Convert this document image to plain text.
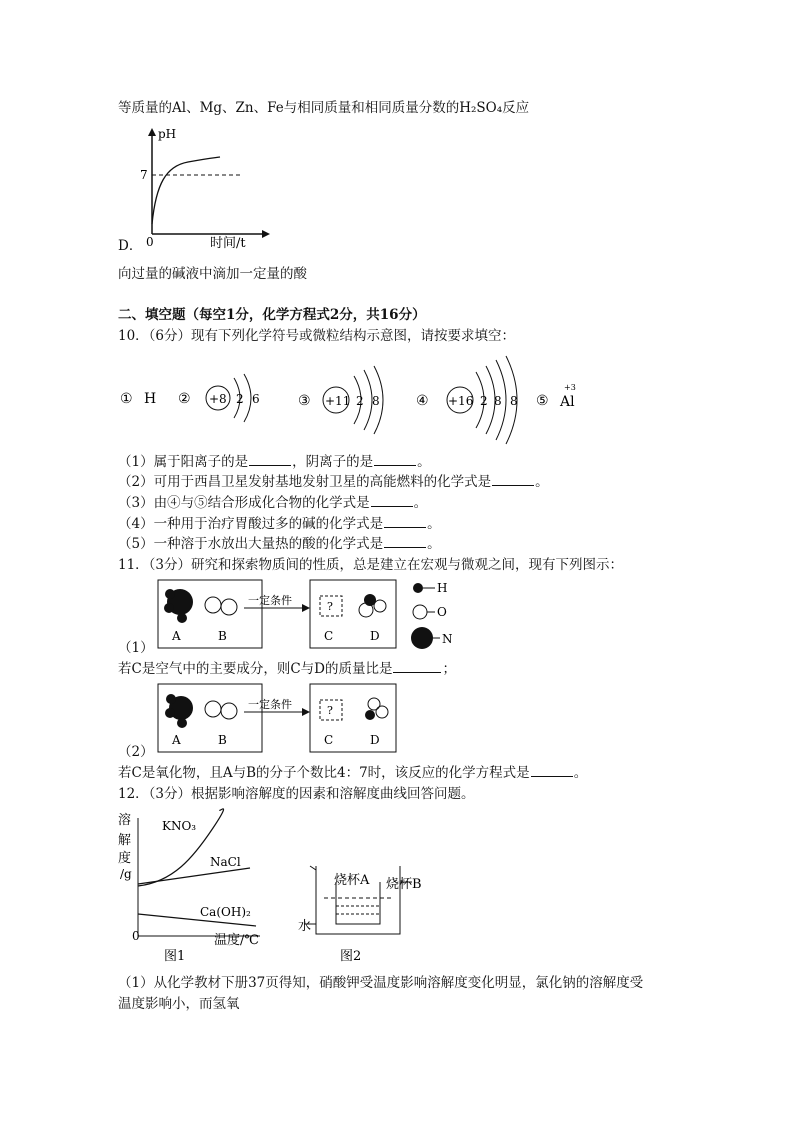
等质量的Al、Mg、Zn、Fe与相同质量和相同质量分数的H₂SO₄反应
pH
7
0	时间/t
D．
向过量的碱液中滴加一定量的酸
二、填空题（每空1分，化学方程式2分，共16分）
10．（6分）现有下列化学符号或微粒结构示意图，请按要求填空：
① H ② +8 2 6	③ +11 2 8	④ +16 2 8 8 ⑤
+3
Al
（1）属于阳离子的是	，阴离子的是	。
（2）可用于西昌卫星发射基地发射卫星的高能燃料的化学式是	。
（3）由④与⑤结合形成化合物的化学式是	。
（4）一种用于治疗胃酸过多的碱的化学式是	。
（5）一种溶于水放出大量热的酸的化学式是	。
11．（3分）研究和探索物质间的性质，总是建立在宏观与微观之间，现有下列图示：
A	B
一定条件	?
C	D
H
O
N
（1）
若C是空气中的主要成分，则C与D的质量比是	；
A	B
一定条件	?
C	D
（2）
若C是氧化物，且A与B的分子个数比4：7时，该反应的化学方程式是	。
12．（3分）根据影响溶解度的因素和溶解度曲线回答问题。
溶
解
度
/g
KNO₃
NaCl
Ca(OH)₂
0	温度/℃
图1
烧杯A 烧杯B
水
图2
（1）从化学教材下册37页得知，硝酸钾受温度影响溶解度变化明显，氯化钠的溶解度受
温度影响小，而氢氧
